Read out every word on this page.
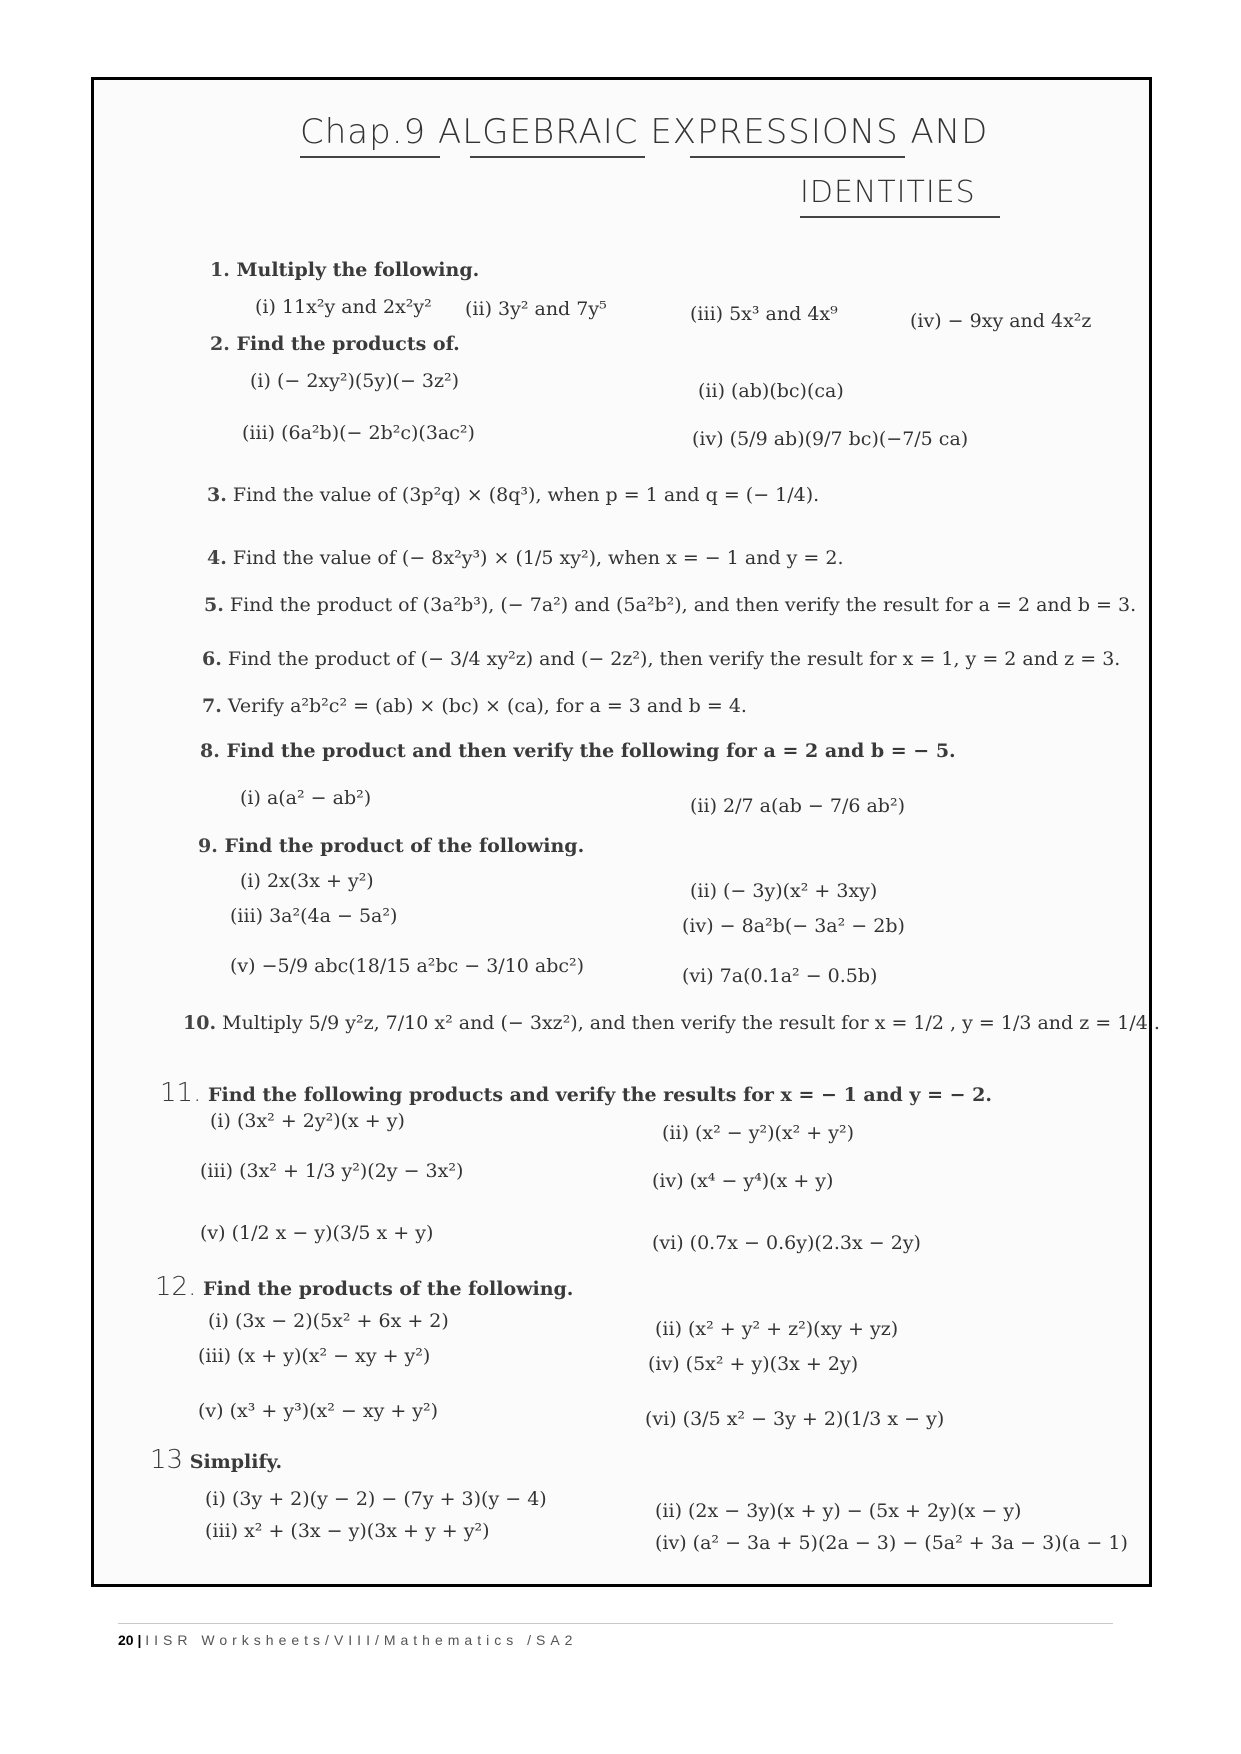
Chap.9 ALGEBRAIC EXPRESSIONS AND
IDENTITIES
1. Multiply the following.
(i) 11x²y and 2x²y² (ii) 3y² and 7y⁵	(iii) 5x³ and 4x⁹	(iv) − 9xy and 4x²z
2. Find the products of.
(i) (− 2xy²)(5y)(− 3z²)	(ii) (ab)(bc)(ca)
(iii) (6a²b)(− 2b²c)(3ac²)	(iv) (5/9 ab)(9/7 bc)(−7/5 ca)
3. Find the value of (3p²q) × (8q³), when p = 1 and q = (− 1/4).
4. Find the value of (− 8x²y³) × (1/5 xy²), when x = − 1 and y = 2.
5. Find the product of (3a²b³), (− 7a²) and (5a²b²), and then verify the result for a = 2 and b = 3.
6. Find the product of (− 3/4 xy²z) and (− 2z²), then verify the result for x = 1, y = 2 and z = 3.
7. Verify a²b²c² = (ab) × (bc) × (ca), for a = 3 and b = 4.
8. Find the product and then verify the following for a = 2 and b = − 5.
(i) a(a² − ab²)	(ii) 2/7 a(ab − 7/6 ab²)
9. Find the product of the following.
(i) 2x(3x + y²)	(ii) (− 3y)(x² + 3xy)
(iii) 3a²(4a − 5a²)	(iv) − 8a²b(− 3a² − 2b)
(v) −5/9 abc(18/15 a²bc − 3/10 abc²)	(vi) 7a(0.1a² − 0.5b)
10. Multiply 5/9 y²z, 7/10 x² and (− 3xz²), and then verify the result for x = 1/2 , y = 1/3 and z = 1/4 .
11. Find the following products and verify the results for x = − 1 and y = − 2.
(i) (3x² + 2y²)(x + y)
(ii) (x² − y²)(x² + y²)
(iii) (3x² + 1/3 y²)(2y − 3x²)	(iv) (x⁴ − y⁴)(x + y)
(v) (1/2 x − y)(3/5 x + y)	(vi) (0.7x − 0.6y)(2.3x − 2y)
12. Find the products of the following.
(i) (3x − 2)(5x² + 6x + 2)	(ii) (x² + y² + z²)(xy + yz)
(iii) (x + y)(x² − xy + y²)	(iv) (5x² + y)(3x + 2y)
(v) (x³ + y³)(x² − xy + y²)	(vi) (3/5 x² − 3y + 2)(1/3 x − y)
13 Simplify.
(i) (3y + 2)(y − 2) − (7y + 3)(y − 4)
(ii) (2x − 3y)(x + y) − (5x + 2y)(x − y)
(iii) x² + (3x − y)(3x + y + y²)
(iv) (a² − 3a + 5)(2a − 3) − (5a² + 3a − 3)(a − 1)
20 | IISR Worksheets/VIII/Mathematics /SA2
